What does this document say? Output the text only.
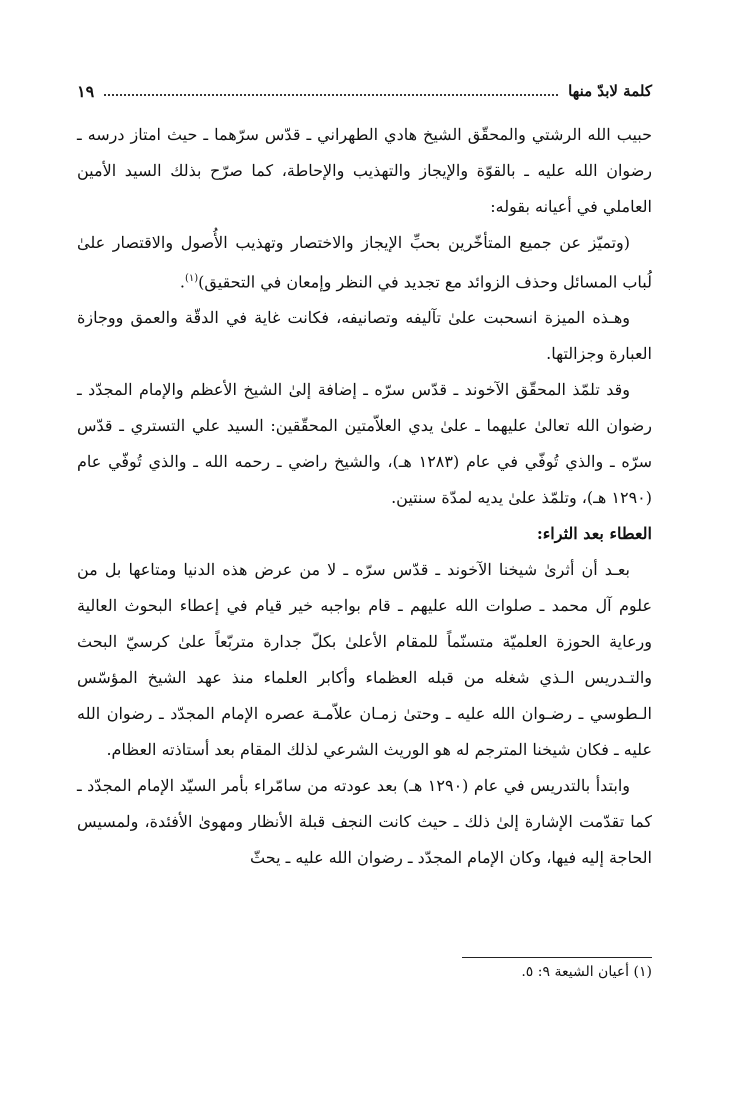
كلمة لابدّ منها
١٩

حبيب الله الرشتي والمحقّق الشيخ هادي الطهراني ـ قدّس سرّهما ـ حيث امتاز درسه ـ رضوان الله عليه ـ بالقوّة والإيجاز والتهذيب والإحاطة، كما صرّح بذلك السيد الأمين العاملي في أعيانه بقوله:

(وتميّز عن جميع المتأخّرين بحبِّ الإيجاز والاختصار وتهذيب الأُصول والاقتصار علىٰ لُباب المسائل وحذف الزوائد مع تجديد في النظر وإمعان في التحقيق)$^{(١)}$.

وهـذه الميزة انسحبت علىٰ تآليفه وتصانيفه، فكانت غاية في الدقّة والعمق ووجازة العبارة وجزالتها.

وقد تلمّذ المحقّق الآخوند ـ قدّس سرّه ـ إضافة إلىٰ الشيخ الأعظم والإمام المجدّد ـ رضوان الله تعالىٰ عليهما ـ علىٰ يدي العلاّمتين المحقّقين: السيد علي التستري ـ قدّس سرّه ـ والذي تُوفّي في عام (١٢٨٣ هـ)، والشيخ راضي ـ رحمه الله ـ والذي تُوفّي عام (١٢٩٠ هـ)، وتلمّذ علىٰ يديه لمدّة سنتين.

العطاء بعد الثراء:

بعـد أن أثرىٰ شيخنا الآخوند ـ قدّس سرّه ـ لا من عرض هذه الدنيا ومتاعها بل من علوم آل محمد ـ صلوات الله عليهم ـ قام بواجبه خير قيام في إعطاء البحوث العالية ورعاية الحوزة العلميّة متسنّماً للمقام الأعلىٰ بكلّ جدارة متربّعاً علىٰ كرسيّ البحث والتـدريس الـذي شغله من قبله العظماء وأكابر العلماء منذ عهد الشيخ المؤسّس الـطوسي ـ رضـوان الله عليه ـ وحتىٰ زمـان علاّمـة عصره الإمام المجدّد ـ رضوان الله عليه ـ فكان شيخنا المترجم له هو الوريث الشرعي لذلك المقام بعد أستاذته العظام.

وابتدأ بالتدريس في عام (١٢٩٠ هـ) بعد عودته من سامّراء بأمر السيّد الإمام المجدّد ـ كما تقدّمت الإشارة إلىٰ ذلك ـ حيث كانت النجف قبلة الأنظار ومهوىٰ الأفئدة، ولمسيس الحاجة إليه فيها، وكان الإمام المجدّد ـ رضوان الله عليه ـ يحثّ

(١) أعيان الشيعة ٩: ٥.
